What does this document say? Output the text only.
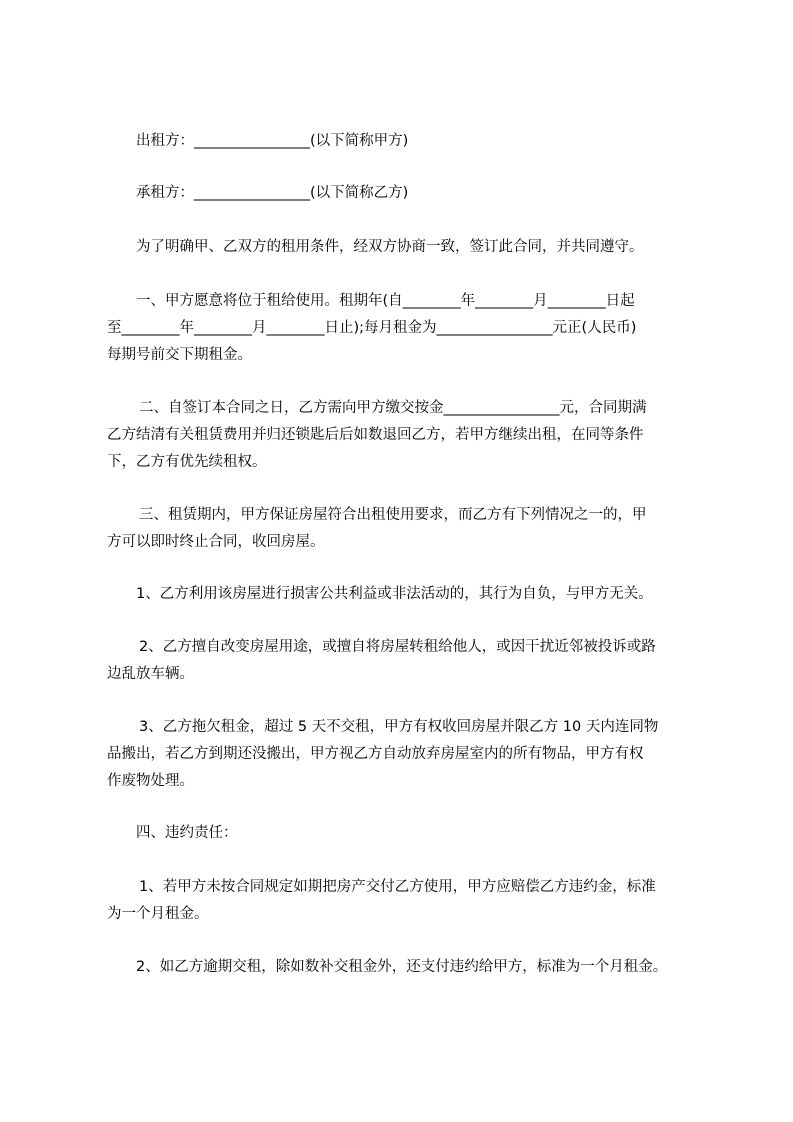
出租方：________________(以下简称甲方)
承租方：________________(以下简称乙方)
为了明确甲、乙双方的租用条件，经双方协商一致，签订此合同，并共同遵守。
一、甲方愿意将位于租给使用。租期年(自________年________月________日起
至________年________月________日止);每月租金为________________元正(人民币)
每期号前交下期租金。
二、自签订本合同之日，乙方需向甲方缴交按金________________元，合同期满
乙方结清有关租赁费用并归还锁匙后后如数退回乙方，若甲方继续出租，在同等条件
下，乙方有优先续租权。
三、租赁期内，甲方保证房屋符合出租使用要求，而乙方有下列情况之一的，甲
方可以即时终止合同，收回房屋。
1、乙方利用该房屋进行损害公共利益或非法活动的，其行为自负，与甲方无关。
2、乙方擅自改变房屋用途，或擅自将房屋转租给他人，或因干扰近邻被投诉或路
边乱放车辆。
3、乙方拖欠租金，超过 5 天不交租，甲方有权收回房屋并限乙方 10 天内连同物
品搬出，若乙方到期还没搬出，甲方视乙方自动放弃房屋室内的所有物品，甲方有权
作废物处理。
四、违约责任：
1、若甲方未按合同规定如期把房产交付乙方使用，甲方应赔偿乙方违约金，标准
为一个月租金。
2、如乙方逾期交租，除如数补交租金外，还支付违约给甲方，标准为一个月租金。
